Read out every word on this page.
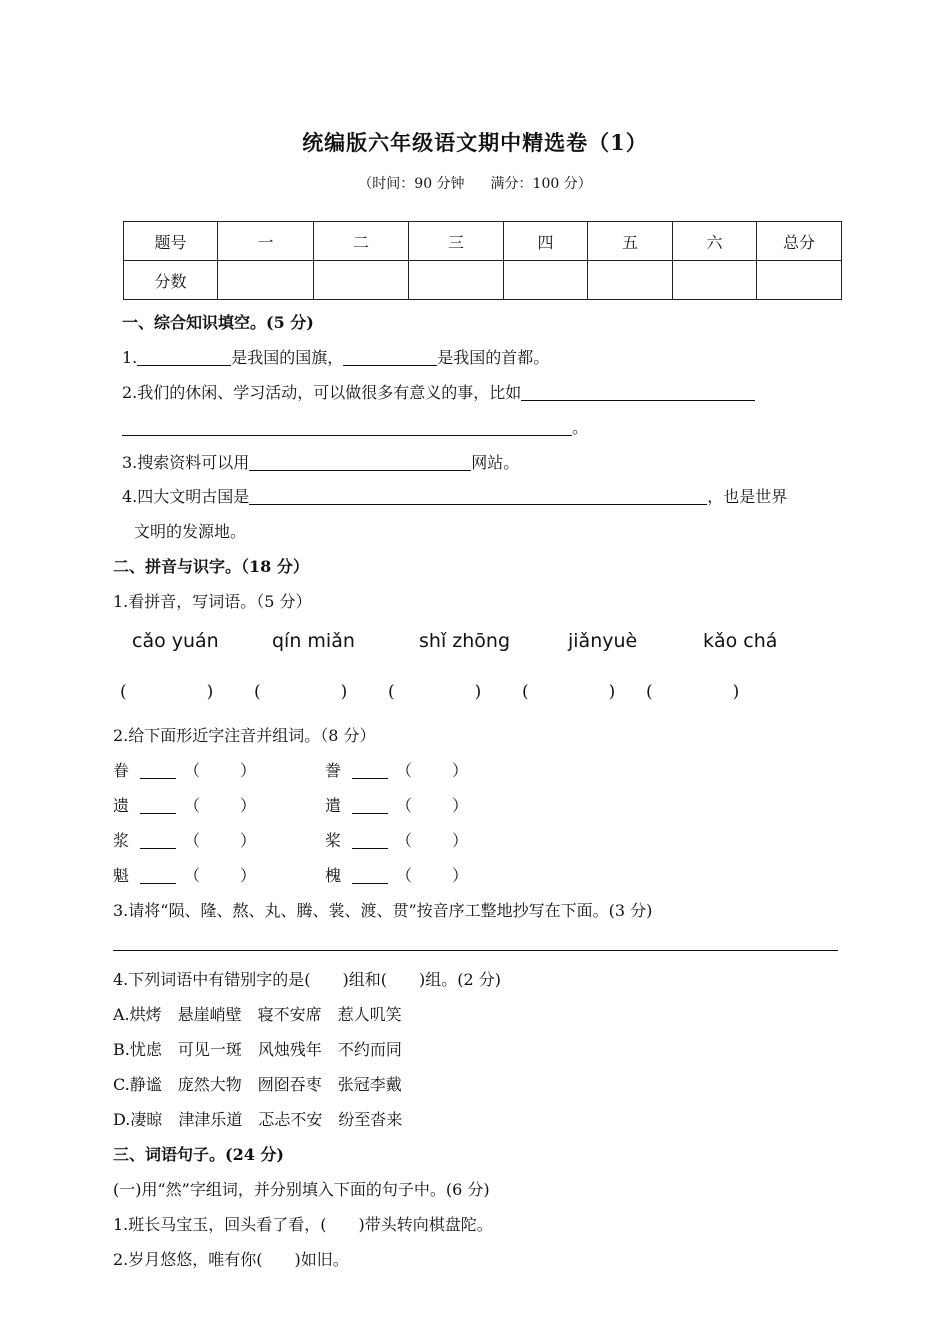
统编版六年级语文期中精选卷（1）
（时间：90 分钟 满分：100 分）
题号	一	二	三	四	五	六	总分
分数							
一、综合知识填空。(5 分)
1.	是我国的国旗，	是我国的首都。
2.我们的休闲、学习活动，可以做很多有意义的事，比如
。
3.搜索资料可以用	网站。
4.四大文明古国是	，也是世界
文明的发源地。
二、拼音与识字。（18 分）
1.看拼音，写词语。（5 分）
cǎo yuán	qín miǎn	shǐ zhōng	jiǎnyuè	kǎo chá
(	) (	) (	) (	) (	)
2.给下面形近字注音并组词。（8 分）
眷	（	）	誊	（	）
遗	（	）	遣	（	）
浆	（	）	桨	（	）
魁	（	）	槐	（	）
3.请将“陨、隆、熬、丸、腾、裳、渡、贯”按音序工整地抄写在下面。(3 分)
4.下列词语中有错别字的是(　　)组和(　　)组。(2 分)
A.烘烤　悬崖峭壁　寝不安席　惹人叽笑
B.忧虑　可见一斑　风烛残年　不约而同
C.静谧　庞然大物　囫囵吞枣　张冠李戴
D.凄晾　津津乐道　忑忐不安　纷至沓来
三、词语句子。(24 分)
(一)用“然”字组词，并分别填入下面的句子中。(6 分)
1.班长马宝玉，回头看了看，(　　)带头转向棋盘陀。
2.岁月悠悠，唯有你(　　)如旧。
